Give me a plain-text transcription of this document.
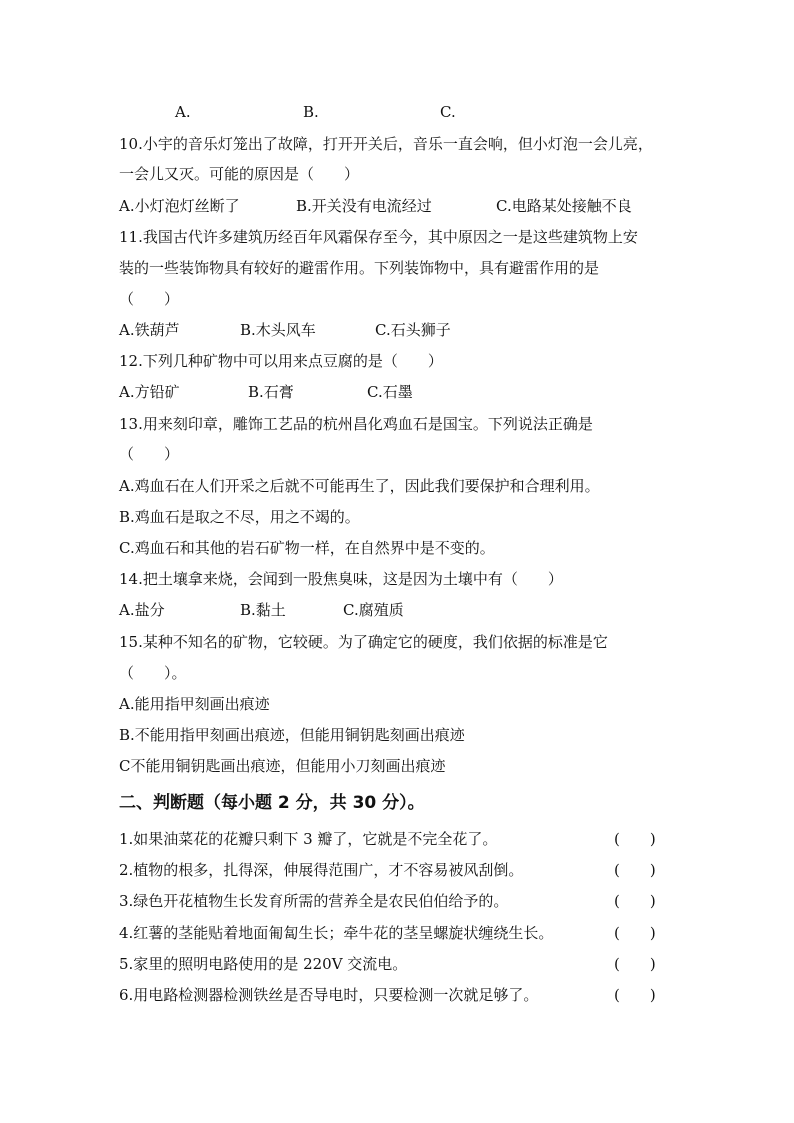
A.	B.	C.
10.小宇的音乐灯笼出了故障，打开开关后，音乐一直会响，但小灯泡一会儿亮，
一会儿又灭。可能的原因是（　　）
A.小灯泡灯丝断了	B.开关没有电流经过	C.电路某处接触不良
11.我国古代许多建筑历经百年风霜保存至今，其中原因之一是这些建筑物上安
装的一些装饰物具有较好的避雷作用。下列装饰物中，具有避雷作用的是
（　　）
A.铁葫芦	B.木头风车	C.石头狮子
12.下列几种矿物中可以用来点豆腐的是（　　）
A.方铅矿	B.石膏	C.石墨
13.用来刻印章，雕饰工艺品的杭州昌化鸡血石是国宝。下列说法正确是
（　　）
A.鸡血石在人们开采之后就不可能再生了，因此我们要保护和合理利用。
B.鸡血石是取之不尽，用之不竭的。
C.鸡血石和其他的岩石矿物一样，在自然界中是不变的。
14.把土壤拿来烧，会闻到一股焦臭味，这是因为土壤中有（　　）
A.盐分	B.黏土	C.腐殖质
15.某种不知名的矿物，它较硬。为了确定它的硬度，我们依据的标准是它
（　　）。
A.能用指甲刻画出痕迹
B.不能用指甲刻画出痕迹，但能用铜钥匙刻画出痕迹
C不能用铜钥匙画出痕迹，但能用小刀刻画出痕迹
二、判断题（每小题 2 分，共 30 分）。
1.如果油菜花的花瓣只剩下 3 瓣了，它就是不完全花了。	(　　)
2.植物的根多，扎得深，伸展得范围广，才不容易被风刮倒。	(　　)
3.绿色开花植物生长发育所需的营养全是农民伯伯给予的。	(　　)
4.红薯的茎能贴着地面匍匐生长；牵牛花的茎呈螺旋状缠绕生长。	(　　)
5.家里的照明电路使用的是 220V 交流电。	(　　)
6.用电路检测器检测铁丝是否导电时，只要检测一次就足够了。	(　　)
